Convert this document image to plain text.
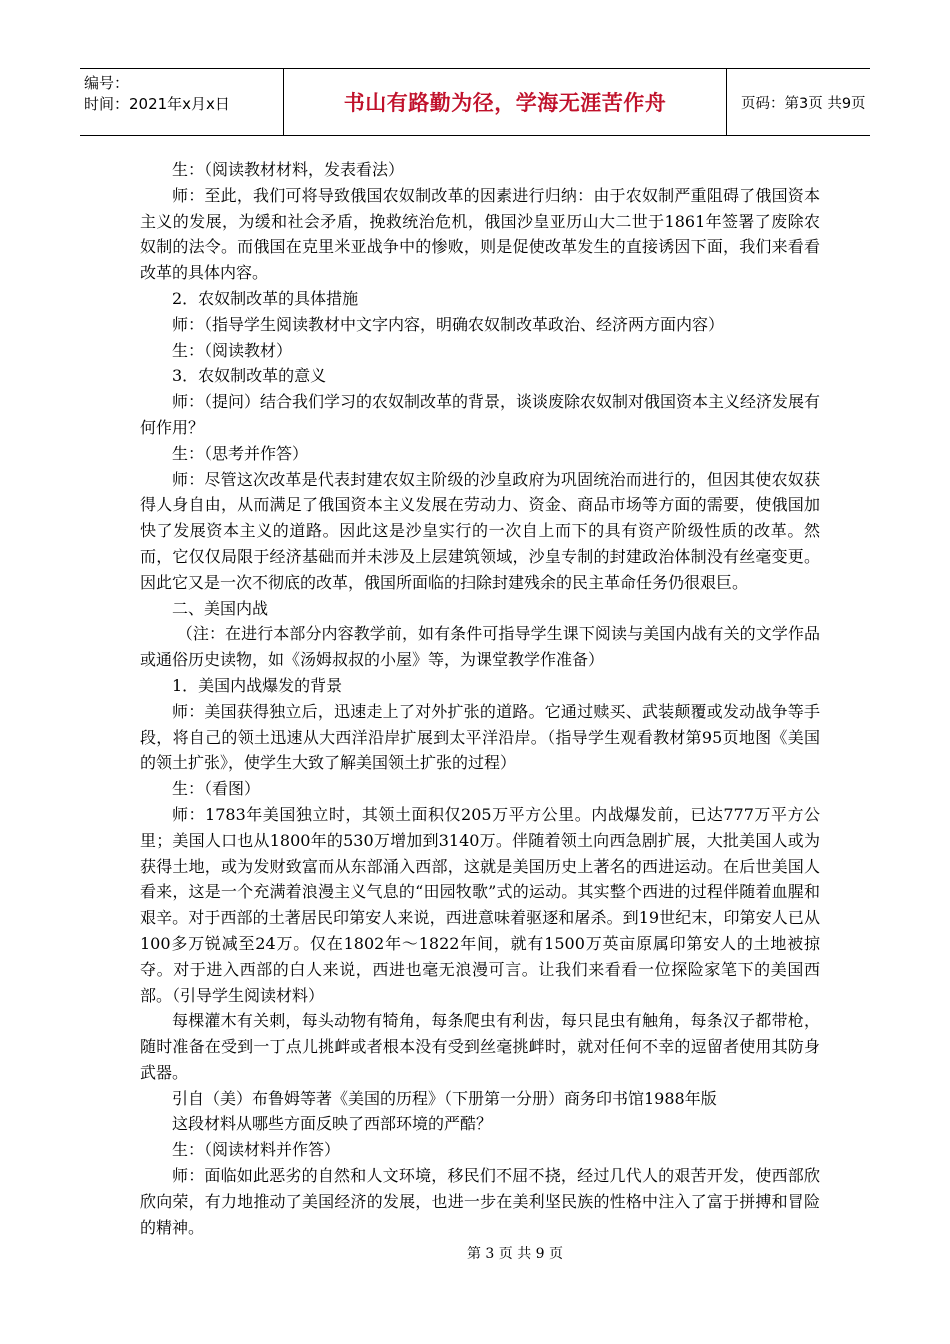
编号：
时间：2021年x月x日	书山有路勤为径，学海无涯苦作舟	页码：第3页 共9页

生：（阅读教材材料，发表看法）

师：至此，我们可将导致俄国农奴制改革的因素进行归纳：由于农奴制严重阻碍了俄国资本主义的发展，为缓和社会矛盾，挽救统治危机，俄国沙皇亚历山大二世于1861年签署了废除农奴制的法令。而俄国在克里米亚战争中的惨败，则是促使改革发生的直接诱因下面，我们来看看改革的具体内容。

2．农奴制改革的具体措施

师：（指导学生阅读教材中文字内容，明确农奴制改革政治、经济两方面内容）

生：（阅读教材）

3．农奴制改革的意义

师：（提问）结合我们学习的农奴制改革的背景，谈谈废除农奴制对俄国资本主义经济发展有何作用？

生：（思考并作答）

师：尽管这次改革是代表封建农奴主阶级的沙皇政府为巩固统治而进行的，但因其使农奴获得人身自由，从而满足了俄国资本主义发展在劳动力、资金、商品市场等方面的需要，使俄国加快了发展资本主义的道路。因此这是沙皇实行的一次自上而下的具有资产阶级性质的改革。然而，它仅仅局限于经济基础而并未涉及上层建筑领域，沙皇专制的封建政治体制没有丝毫变更。因此它又是一次不彻底的改革，俄国所面临的扫除封建残余的民主革命任务仍很艰巨。

二、美国内战

（注：在进行本部分内容教学前，如有条件可指导学生课下阅读与美国内战有关的文学作品或通俗历史读物，如《汤姆叔叔的小屋》等，为课堂教学作准备）

1．美国内战爆发的背景

师：美国获得独立后，迅速走上了对外扩张的道路。它通过赎买、武装颠覆或发动战争等手段，将自己的领土迅速从大西洋沿岸扩展到太平洋沿岸。（指导学生观看教材第95页地图《美国的领土扩张》，使学生大致了解美国领土扩张的过程）

生：（看图）

师：1783年美国独立时，其领土面积仅205万平方公里。内战爆发前，已达777万平方公里；美国人口也从1800年的530万增加到3140万。伴随着领土向西急剧扩展，大批美国人或为获得土地，或为发财致富而从东部涌入西部，这就是美国历史上著名的西进运动。在后世美国人看来，这是一个充满着浪漫主义气息的“田园牧歌”式的运动。其实整个西进的过程伴随着血腥和艰辛。对于西部的土著居民印第安人来说，西进意味着驱逐和屠杀。到19世纪末，印第安人已从100多万锐减至24万。仅在1802年～1822年间，就有1500万英亩原属印第安人的土地被掠夺。对于进入西部的白人来说，西进也毫无浪漫可言。让我们来看看一位探险家笔下的美国西部。（引导学生阅读材料）

每棵灌木有关刺，每头动物有犄角，每条爬虫有利齿，每只昆虫有触角，每条汉子都带枪，随时准备在受到一丁点儿挑衅或者根本没有受到丝毫挑衅时，就对任何不幸的逗留者使用其防身武器。

引自（美）布鲁姆等著《美国的历程》（下册第一分册）商务印书馆1988年版

这段材料从哪些方面反映了西部环境的严酷？

生：（阅读材料并作答）

师：面临如此恶劣的自然和人文环境，移民们不屈不挠，经过几代人的艰苦开发，使西部欣欣向荣，有力地推动了美国经济的发展，也进一步在美利坚民族的性格中注入了富于拼搏和冒险的精神。

第 3 页 共 9 页
